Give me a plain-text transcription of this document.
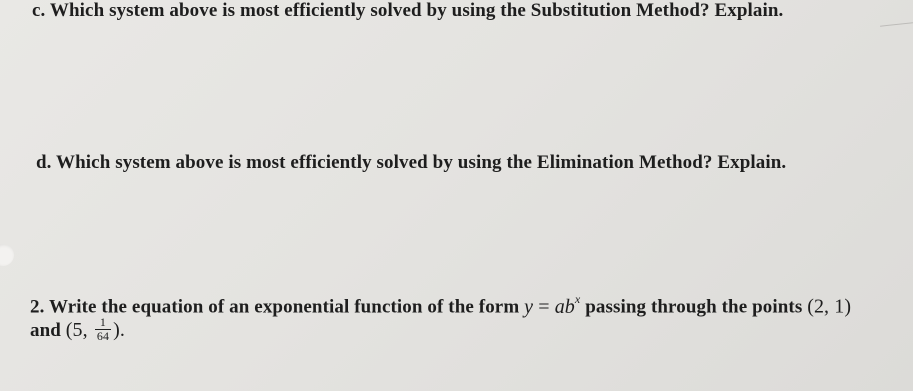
c. Which system above is most efficiently solved by using the Substitution Method? Explain.
d. Which system above is most efficiently solved by using the Elimination Method? Explain.
2. Write the equation of an exponential function of the form $y = ab^x$ passing through the points (2, 1)
and (5, $\frac{1}{64}$ ).
